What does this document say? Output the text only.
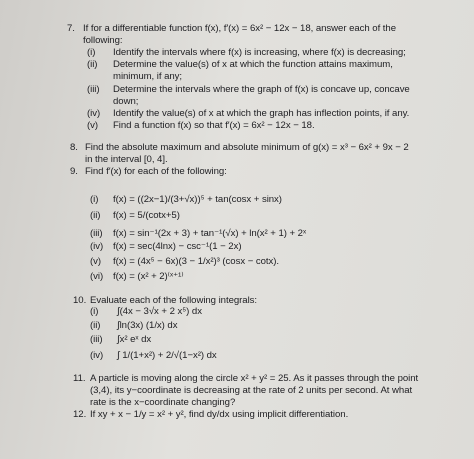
7. If for a differentiable function f(x), f′(x) = 6x² − 12x − 18, answer each of the
following:
(i) Identify the intervals where f(x) is increasing, where f(x) is decreasing;
(ii) Determine the value(s) of x at which the function attains maximum,
minimum, if any;
(iii) Determine the intervals where the graph of f(x) is concave up, concave
down;
(iv) Identify the value(s) of x at which the graph has inflection points, if any.
(v) Find a function f(x) so that f′(x) = 6x² − 12x − 18.
8. Find the absolute maximum and absolute minimum of g(x) = x³ − 6x² + 9x − 2
in the interval [0, 4].
9. Find f′(x) for each of the following:
(i) f(x) = ((2x−1)/(3+√x))⁵ + tan(cosx + sinx)
(ii) f(x) = 5/(cotx+5)
(iii) f(x) = sin⁻¹(2x + 3) + tan⁻¹(√x) + ln(x² + 1) + 2ˣ
(iv) f(x) = sec(4lnx) − csc⁻¹(1 − 2x)
(v) f(x) = (4x⁵ − 6x)(3 − 1/x²)³ (cosx − cotx).
(vi) f(x) = (x² + 2)⁽ˣ⁺¹⁾
10. Evaluate each of the following integrals:
(i) ∫(4x − 3√x + 2 x⁵) dx
(ii) ∫ln(3x) (1/x) dx
(iii) ∫x² eˣ dx
(iv) ∫ 1/(1+x²) + 2/√(1−x²) dx
11. A particle is moving along the circle x² + y² = 25. As it passes through the point
(3,4), its y−coordinate is decreasing at the rate of 2 units per second. At what
rate is the x−coordinate changing?
12. If xy + x − 1/y = x² + y², find dy/dx using implicit differentiation.
